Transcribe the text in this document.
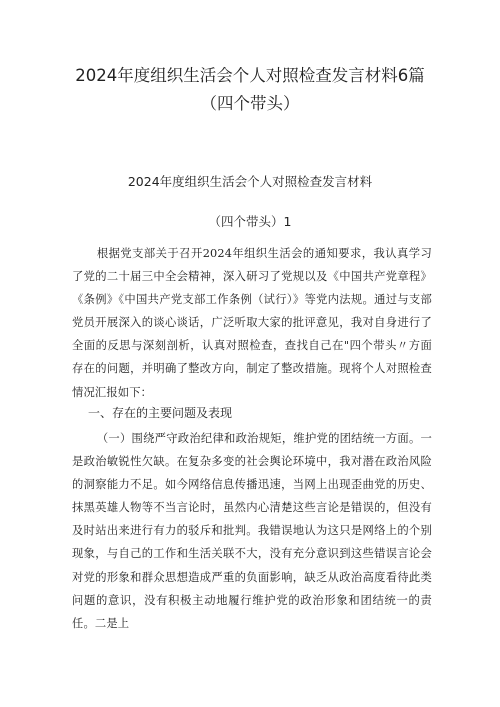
2024年度组织生活会个人对照检查发言材料6篇（四个带头）
2024年度组织生活会个人对照检查发言材料
（四个带头）1

根据党支部关于召开2024年组织生活会的通知要求，我认真学习了党的二十届三中全会精神，深入研习了党规以及《中国共产党章程》《条例》《中国共产党支部工作条例（试行）》等党内法规。通过与支部党员开展深入的谈心谈话，广泛听取大家的批评意见，我对自身进行了全面的反思与深刻剖析，认真对照检查，查找自己在"四个带头〃方面存在的问题，并明确了整改方向，制定了整改措施。现将个人对照检查情况汇报如下：

一、存在的主要问题及表现

（一）围绕严守政治纪律和政治规矩，维护党的团结统一方面。一是政治敏锐性欠缺。在复杂多变的社会舆论环境中，我对潜在政治风险的洞察能力不足。如今网络信息传播迅速，当网上出现歪曲党的历史、抹黑英雄人物等不当言论时，虽然内心清楚这些言论是错误的，但没有及时站出来进行有力的驳斥和批判。我错误地认为这只是网络上的个别现象，与自己的工作和生活关联不大，没有充分意识到这些错误言论会对党的形象和群众思想造成严重的负面影响，缺乏从政治高度看待此类问题的意识，没有积极主动地履行维护党的政治形象和团结统一的责任。二是上
